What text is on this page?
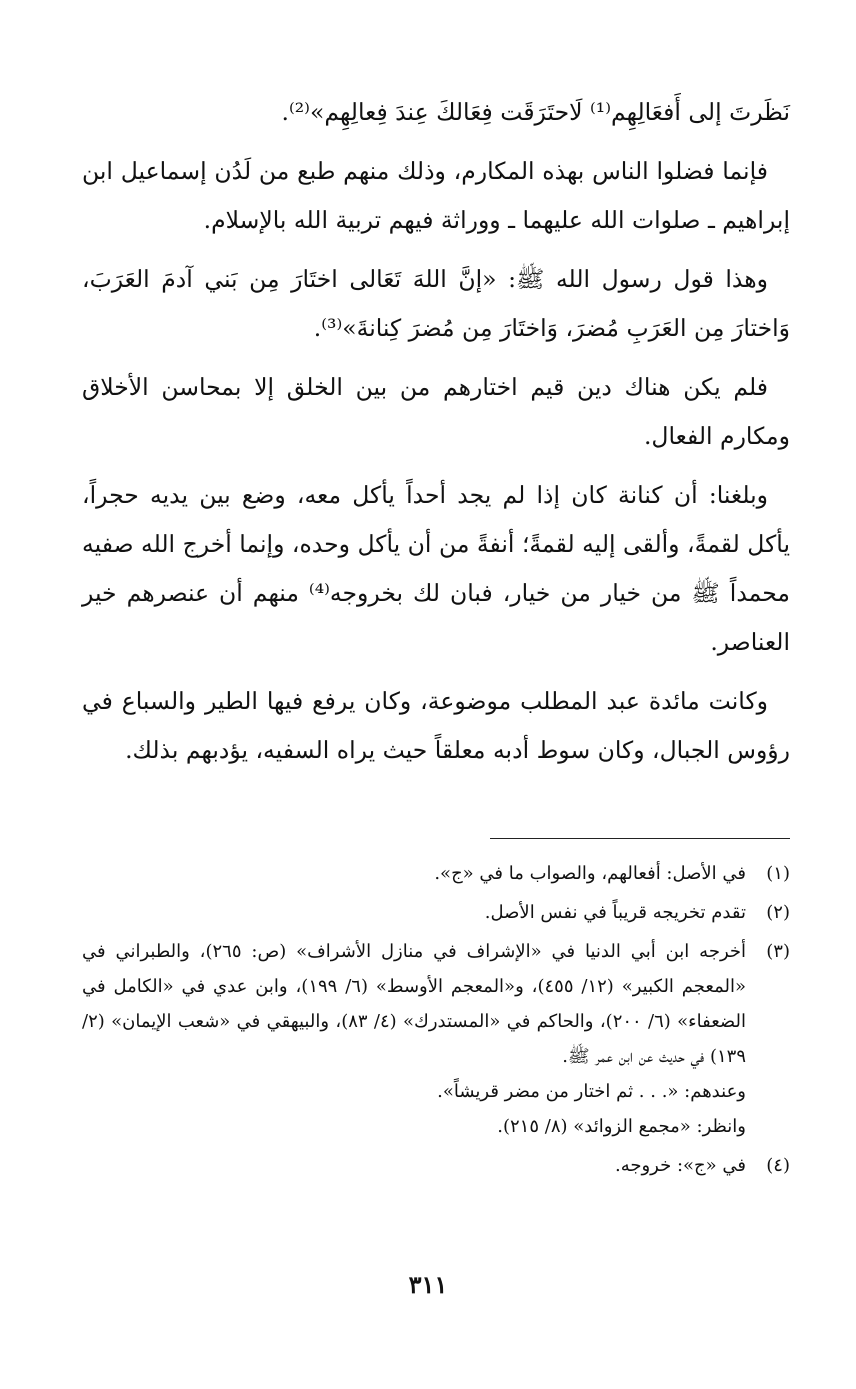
نَظَرتَ إلى أَفعَالِهِم⁽¹⁾ لَاحتَرَقَت فِعَالكَ عِندَ فِعالِهِم»⁽²⁾.

فإنما فضلوا الناس بهذه المكارم، وذلك منهم طبع من لَدُن إسماعيل ابن إبراهيم ـ صلوات الله عليهما ـ ووراثة فيهم تربية الله بالإسلام.

وهذا قول رسول الله ﷺ: «إنَّ اللهَ تَعَالى اختَارَ مِن بَني آدمَ العَرَبَ، وَاختارَ مِن العَرَبِ مُضرَ، وَاختَارَ مِن مُضرَ كِنانةَ»⁽³⁾.

فلم يكن هناك دين قيم اختارهم من بين الخلق إلا بمحاسن الأخلاق ومكارم الفعال.

وبلغنا: أن كنانة كان إذا لم يجد أحداً يأكل معه، وضع بين يديه حجراً، يأكل لقمةً، وألقى إليه لقمةً؛ أنفةً من أن يأكل وحده، وإنما أخرج الله صفيه محمداً ﷺ من خيار من خيار، فبان لك بخروجه⁽⁴⁾ منهم أن عنصرهم خير العناصر.

وكانت مائدة عبد المطلب موضوعة، وكان يرفع فيها الطير والسباع في رؤوس الجبال، وكان سوط أدبه معلقاً حيث يراه السفيه، يؤدبهم بذلك.

(١)
في الأصل: أفعالهم، والصواب ما في «ج».
(٢)
تقدم تخريجه قريباً في نفس الأصل.
(٣)
أخرجه ابن أبي الدنيا في «الإشراف في منازل الأشراف» (ص: ٢٦٥)، والطبراني في «المعجم الكبير» (١٢/ ٤٥٥)، و«المعجم الأوسط» (٦/ ١٩٩)، وابن عدي في «الكامل في الضعفاء» (٦/ ٢٠٠)، والحاكم في «المستدرك» (٤/ ٨٣)، والبيهقي في «شعب الإيمان» (٢/ ١٣٩) في حديث عن ابن عمر ﷺ.
وعندهم: «. . . ثم اختار من مضر قريشاً».
وانظر: «مجمع الزوائد» (٨/ ٢١٥).
(٤)
في «ج»: خروجه.
٣١١
